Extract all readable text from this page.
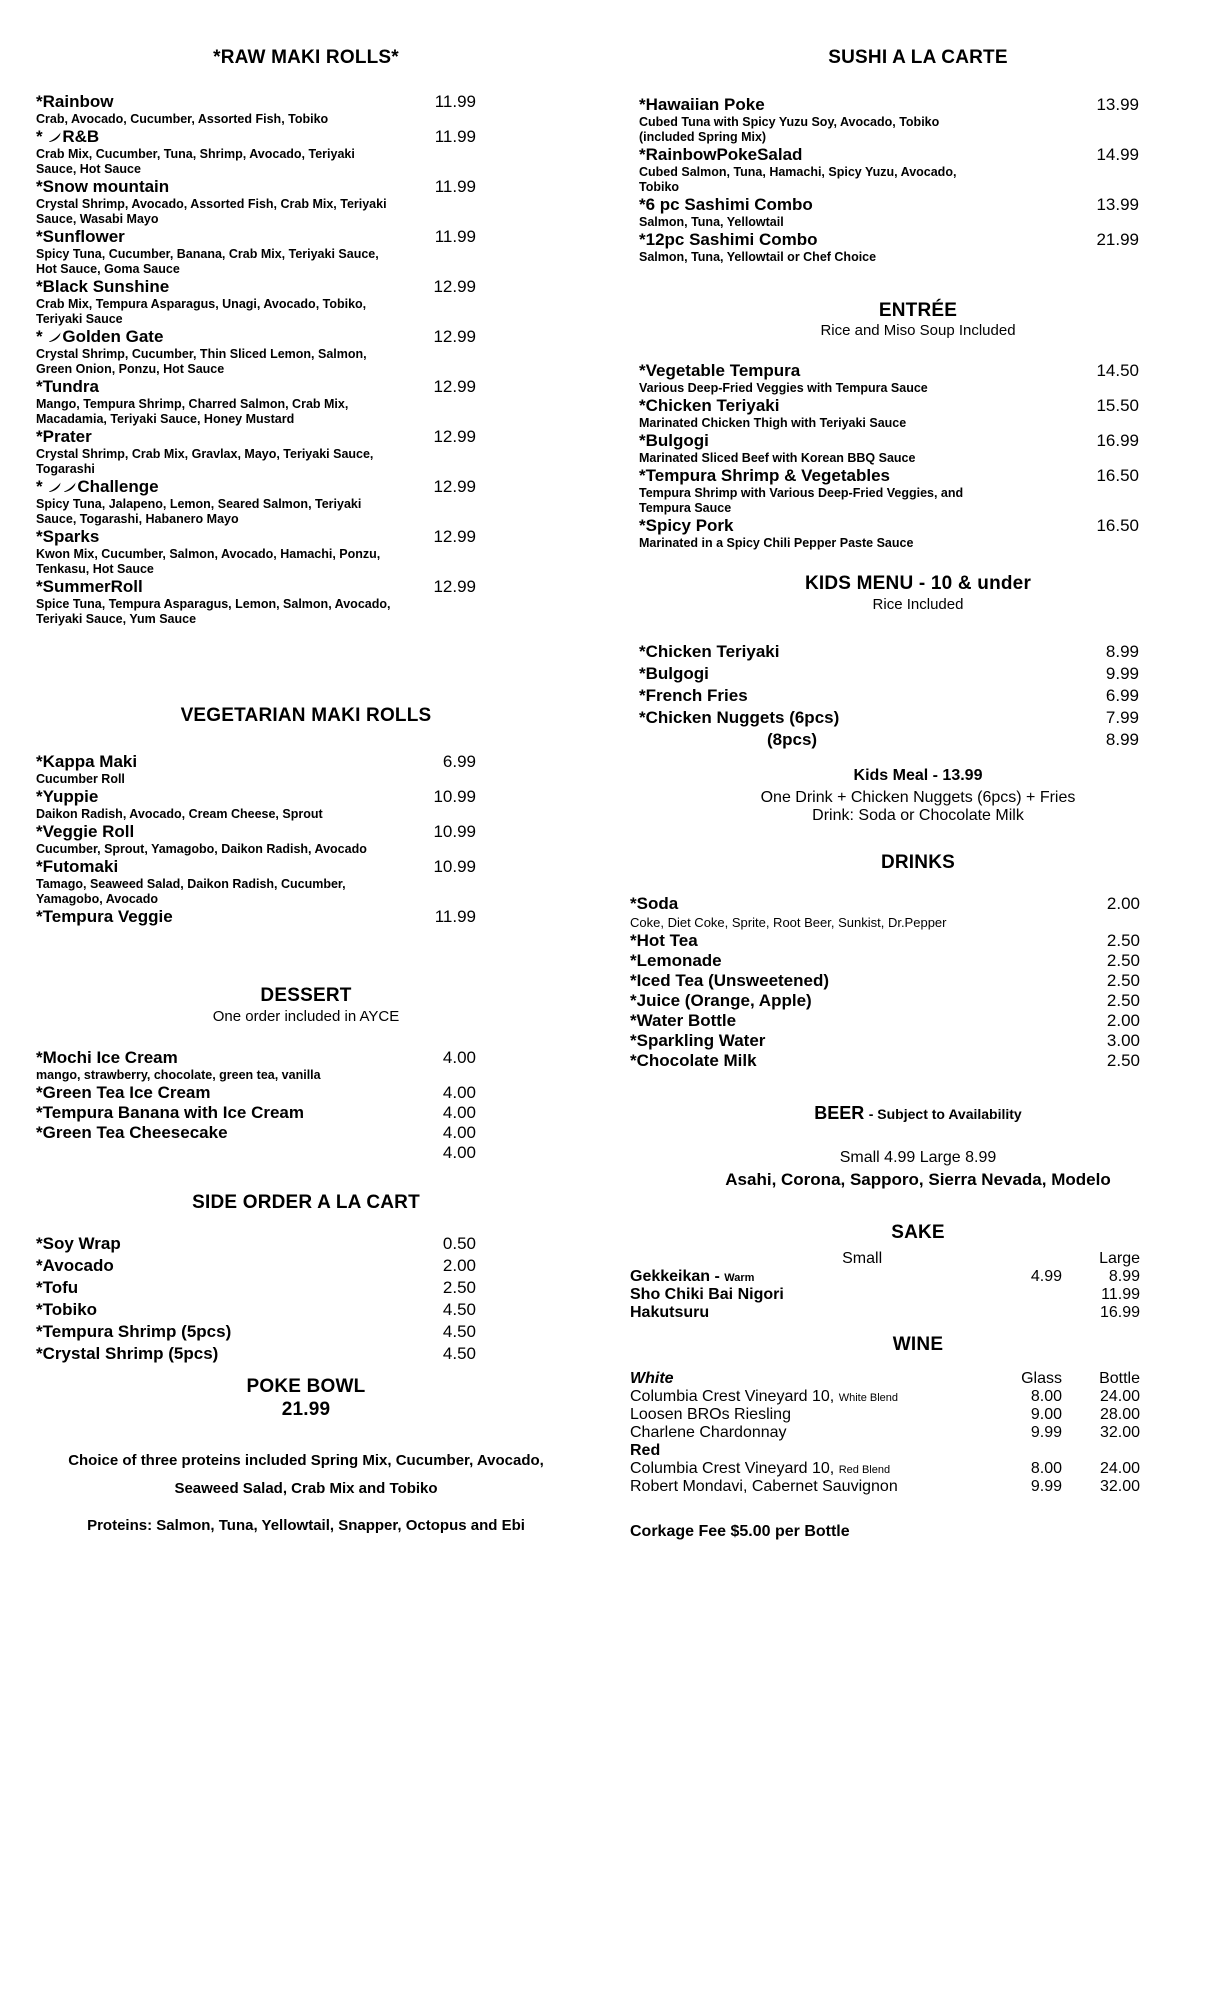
*RAW MAKI ROLLS*
*Rainbow	11.99
Crab, Avocado, Cucumber, Assorted Fish, Tobiko
*
R&B	11.99
Crab Mix, Cucumber, Tuna, Shrimp, Avocado, Teriyaki Sauce, Hot Sauce
*Snow mountain	11.99
Crystal Shrimp, Avocado, Assorted Fish, Crab Mix, Teriyaki Sauce, Wasabi Mayo
*Sunflower	11.99
Spicy Tuna, Cucumber, Banana, Crab Mix, Teriyaki Sauce, Hot Sauce, Goma Sauce
*Black Sunshine	12.99
Crab Mix, Tempura Asparagus, Unagi, Avocado, Tobiko, Teriyaki Sauce
*
Golden Gate	12.99
Crystal Shrimp, Cucumber, Thin Sliced Lemon, Salmon, Green Onion, Ponzu, Hot Sauce
*Tundra	12.99
Mango, Tempura Shrimp, Charred Salmon, Crab Mix, Macadamia, Teriyaki Sauce, Honey Mustard
*Prater	12.99
Crystal Shrimp, Crab Mix, Gravlax, Mayo, Teriyaki Sauce, Togarashi
*
Challenge	12.99
Spicy Tuna, Jalapeno, Lemon, Seared Salmon, Teriyaki Sauce, Togarashi, Habanero Mayo
*Sparks	12.99
Kwon Mix, Cucumber, Salmon, Avocado, Hamachi, Ponzu, Tenkasu, Hot Sauce
*SummerRoll	12.99
Spice Tuna, Tempura Asparagus, Lemon, Salmon, Avocado, Teriyaki Sauce, Yum Sauce
VEGETARIAN MAKI ROLLS
*Kappa Maki	6.99
Cucumber Roll
*Yuppie	10.99
Daikon Radish, Avocado, Cream Cheese, Sprout
*Veggie Roll	10.99
Cucumber, Sprout, Yamagobo, Daikon Radish, Avocado
*Futomaki	10.99
Tamago, Seaweed Salad, Daikon Radish, Cucumber, Yamagobo, Avocado
*Tempura Veggie	11.99
DESSERT
One order included in AYCE
*Mochi Ice Cream	4.00
mango, strawberry, chocolate, green tea, vanilla
*Green Tea Ice Cream	4.00
*Tempura Banana with Ice Cream	4.00
*Green Tea Cheesecake	4.00

4.00
SIDE ORDER A LA CART
*Soy Wrap	0.50
*Avocado	2.00
*Tofu	2.50
*Tobiko	4.50
*Tempura Shrimp (5pcs)	4.50
*Crystal Shrimp (5pcs)	4.50
POKE BOWL
21.99
Choice of three proteins included Spring Mix, Cucumber, Avocado,
Seaweed Salad, Crab Mix and Tobiko
Proteins: Salmon, Tuna, Yellowtail, Snapper, Octopus and Ebi
SUSHI A LA CARTE
*Hawaiian Poke	13.99
Cubed Tuna with Spicy Yuzu Soy, Avocado, Tobiko (included Spring Mix)
*RainbowPokeSalad	14.99
Cubed Salmon, Tuna, Hamachi, Spicy Yuzu, Avocado, Tobiko
*6 pc Sashimi Combo	13.99
Salmon, Tuna, Yellowtail
*12pc Sashimi Combo	21.99
Salmon, Tuna, Yellowtail or Chef Choice
ENTRÉE
Rice and Miso Soup Included
*Vegetable Tempura	14.50
Various Deep-Fried Veggies with Tempura Sauce
*Chicken Teriyaki	15.50
Marinated Chicken Thigh with Teriyaki Sauce
*Bulgogi	16.99
Marinated Sliced Beef with Korean BBQ Sauce
*Tempura Shrimp & Vegetables	16.50
Tempura Shrimp with Various Deep-Fried Veggies, and Tempura Sauce
*Spicy Pork	16.50
Marinated in a Spicy Chili Pepper Paste Sauce
KIDS MENU - 10 & under
Rice Included
*Chicken Teriyaki	8.99
*Bulgogi	9.99
*French Fries	6.99
*Chicken Nuggets (6pcs)	7.99
(8pcs)	8.99
Kids Meal - 13.99
One Drink + Chicken Nuggets (6pcs) + Fries
Drink: Soda or Chocolate Milk
DRINKS
*Soda	2.00
Coke, Diet Coke, Sprite, Root Beer, Sunkist, Dr.Pepper
*Hot Tea	2.50
*Lemonade	2.50
*Iced Tea (Unsweetened)	2.50
*Juice (Orange, Apple)	2.50
*Water Bottle	2.00
*Sparkling Water	3.00
*Chocolate Milk	2.50
BEER - Subject to Availability
Small 4.99 Large 8.99
Asahi, Corona, Sapporo, Sierra Nevada, Modelo
SAKE
	Small	Large
Gekkeikan - Warm	4.99	8.99
Sho Chiki Bai Nigori		11.99
Hakutsuru		16.99
WINE
White	Glass	Bottle
Columbia Crest Vineyard 10, White Blend	8.00	24.00
Loosen BROs Riesling	9.00	28.00
Charlene Chardonnay	9.99	32.00
Red		
Columbia Crest Vineyard 10, Red Blend	8.00	24.00
Robert Mondavi, Cabernet Sauvignon	9.99	32.00
Corkage Fee $5.00 per Bottle
